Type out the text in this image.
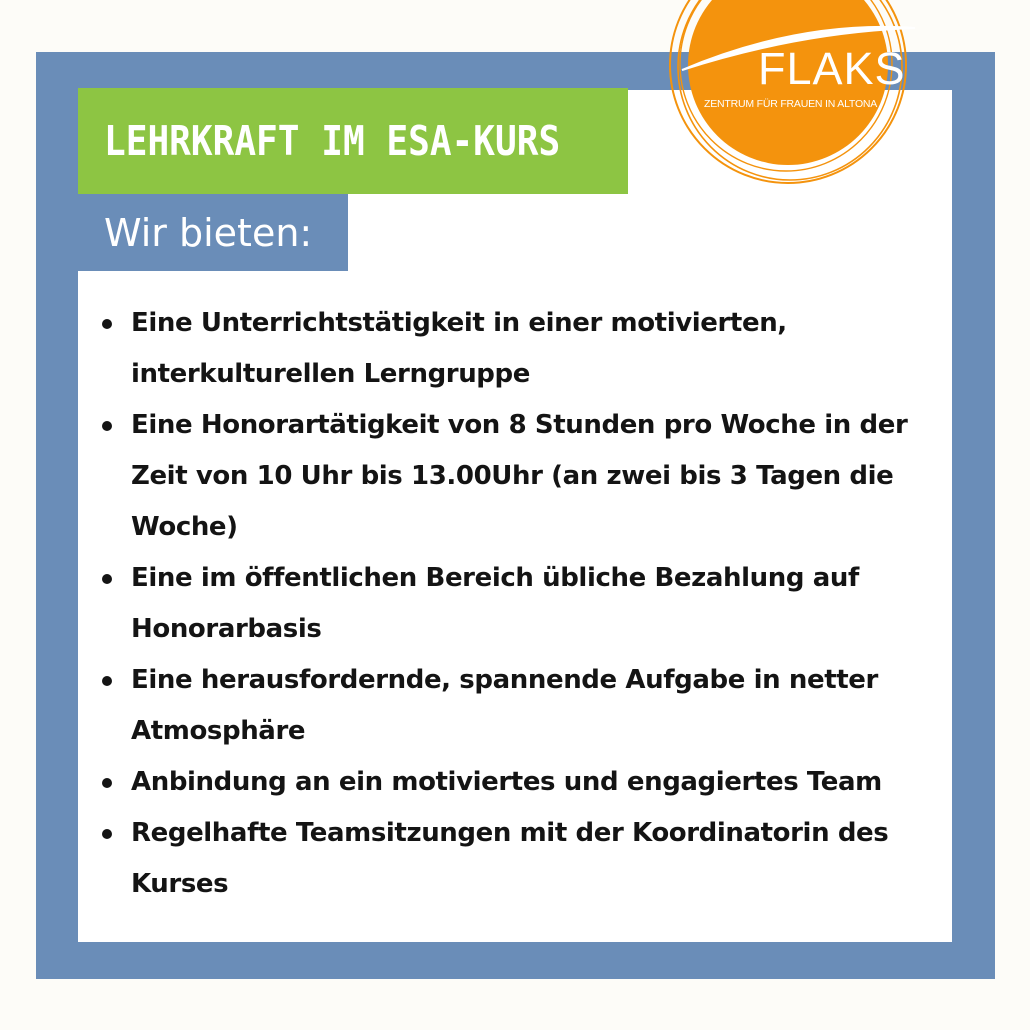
LEHRKRAFT IM ESA-KURS
Wir bieten:
Eine Unterrichtstätigkeit in einer motivierten, interkulturellen Lerngruppe
Eine Honorartätigkeit von 8 Stunden pro Woche in der Zeit von 10 Uhr bis 13.00Uhr (an zwei bis 3 Tagen die Woche)
Eine im öffentlichen Bereich übliche Bezahlung auf Honorarbasis
Eine herausfordernde, spannende Aufgabe in netter Atmosphäre
Anbindung an ein motiviertes und engagiertes Team
Regelhafte Teamsitzungen mit der Koordinatorin des Kurses
FLAKS
ZENTRUM FÜR FRAUEN IN ALTONA
